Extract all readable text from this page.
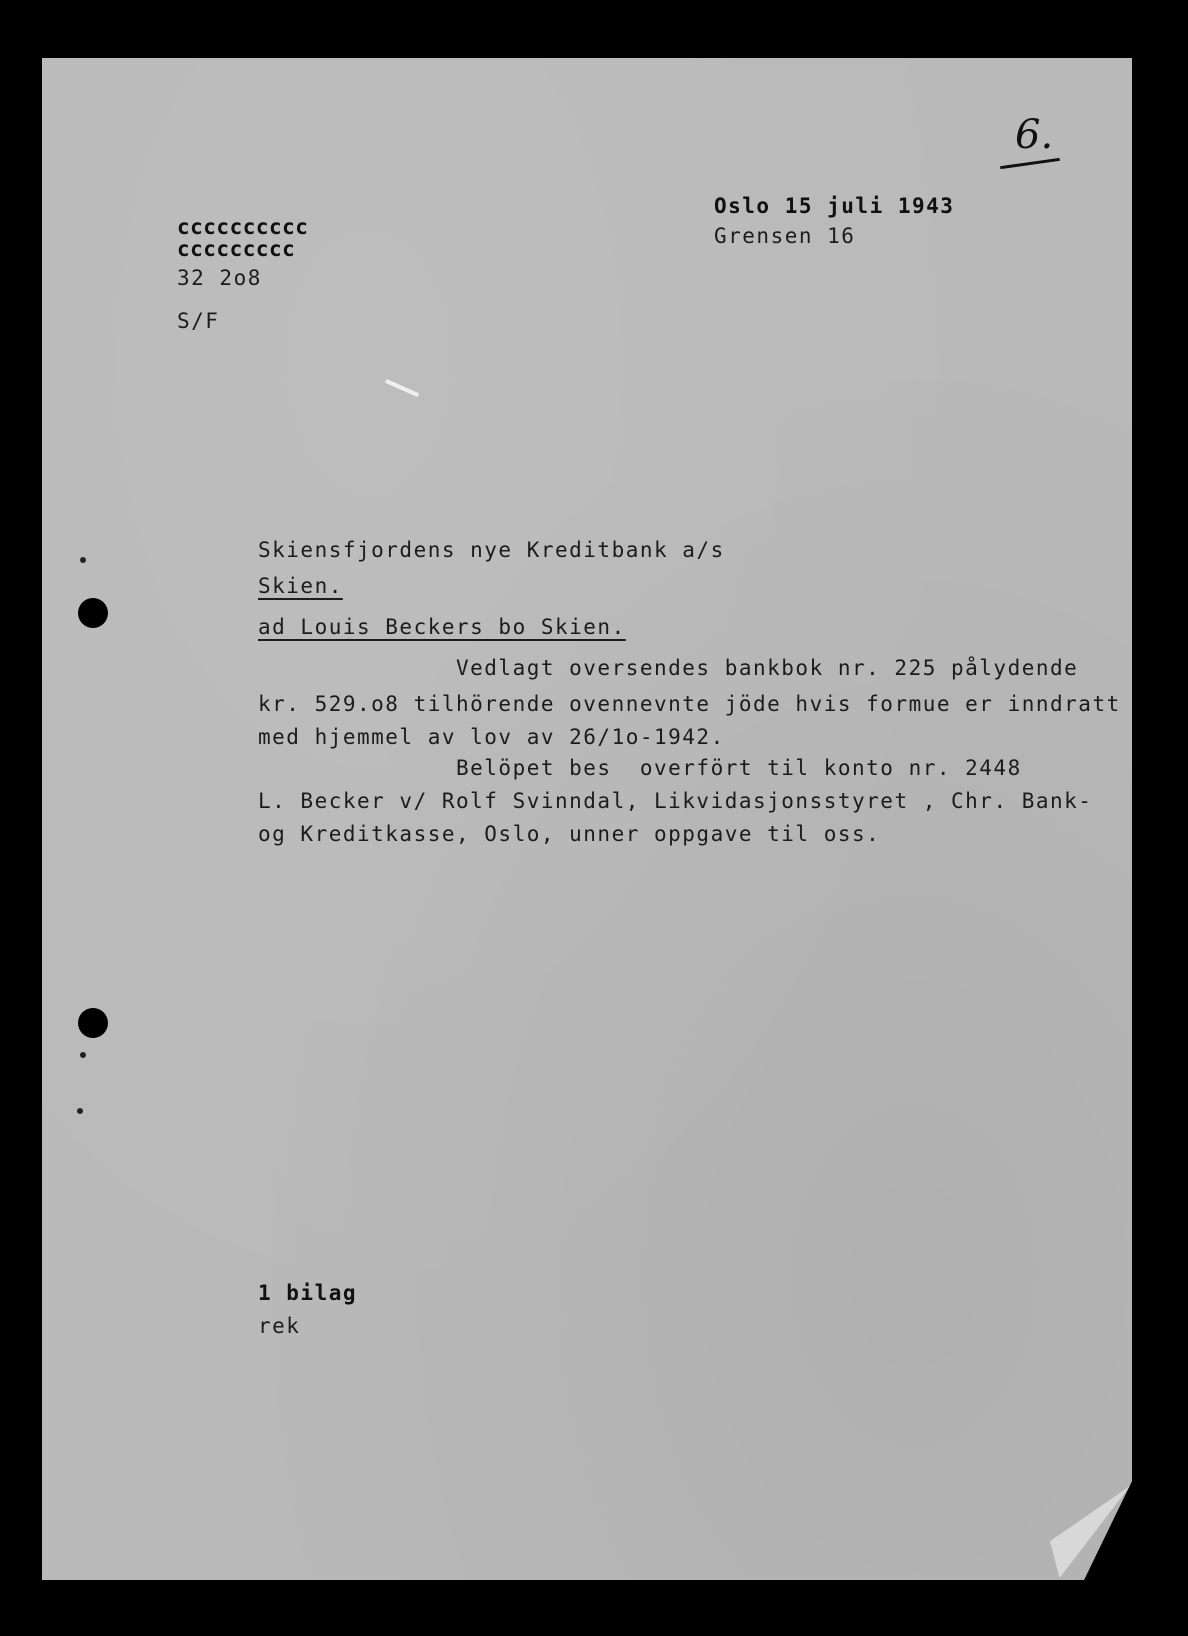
6.
cccccccccc
ccccccccc
32 2o8
S/F
Oslo 15 juli 1943
Grensen 16
Skiensfjordens nye Kreditbank a/s
Skien.
ad Louis Beckers bo Skien.
Vedlagt oversendes bankbok nr. 225 pålydende
kr. 529.o8 tilhörende ovennevnte jöde hvis formue er inndratt
med hjemmel av lov av 26/1o-1942.
Belöpet bes  overfört til konto nr. 2448
L. Becker v/ Rolf Svinndal, Likvidasjonsstyret , Chr. Bank-
og Kreditkasse, Oslo, unner oppgave til oss.
1 bilag
rek
